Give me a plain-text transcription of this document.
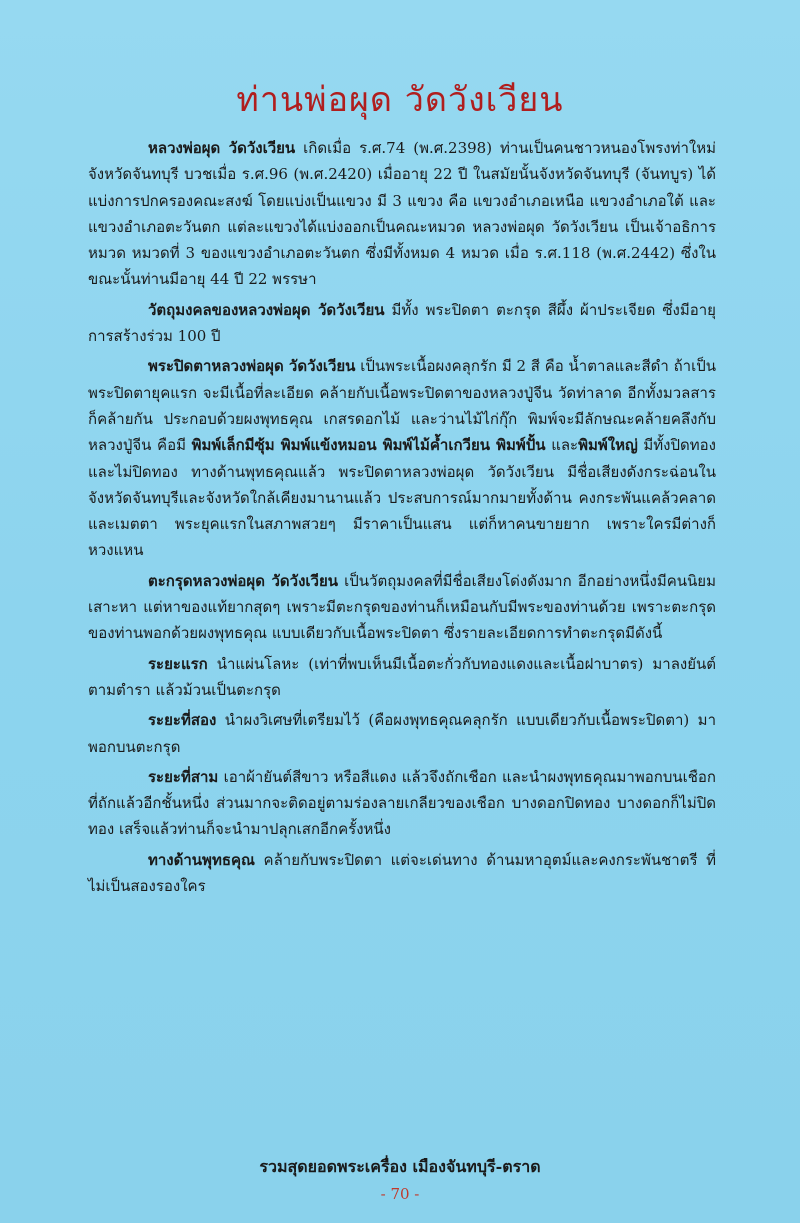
ท่านพ่อผุด วัดวังเวียน

หลวงพ่อผุด วัดวังเวียน เกิดเมื่อ ร.ศ.74 (พ.ศ.2398) ท่านเป็นคนชาวหนองโพรงท่าใหม่ จังหวัดจันทบุรี บวชเมื่อ ร.ศ.96 (พ.ศ.2420) เมื่ออายุ 22 ปี ในสมัยนั้นจังหวัดจันทบุรี (จันทบูร) ได้แบ่งการปกครองคณะสงฆ์ โดยแบ่งเป็นแขวง มี 3 แขวง คือ แขวงอำเภอเหนือ แขวงอำเภอใต้ และแขวงอำเภอตะวันตก แต่ละแขวงได้แบ่งออกเป็นคณะหมวด หลวงพ่อผุด วัดวังเวียน เป็นเจ้าอธิการหมวด หมวดที่ 3 ของแขวงอำเภอตะวันตก ซึ่งมีทั้งหมด 4 หมวด เมื่อ ร.ศ.118 (พ.ศ.2442) ซึ่งในขณะนั้นท่านมีอายุ 44 ปี 22 พรรษา

วัตถุมงคลของหลวงพ่อผุด วัดวังเวียน มีทั้ง พระปิดตา ตะกรุด สีผึ้ง ผ้าประเจียด ซึ่งมีอายุการสร้างร่วม 100 ปี

พระปิดตาหลวงพ่อผุด วัดวังเวียน เป็นพระเนื้อผงคลุกรัก มี 2 สี คือ น้ำตาลและสีดำ ถ้าเป็นพระปิดตายุคแรก จะมีเนื้อที่ละเอียด คล้ายกับเนื้อพระปิดตาของหลวงปู่จีน วัดท่าลาด อีกทั้งมวลสารก็คล้ายกัน ประกอบด้วยผงพุทธคุณ เกสรดอกไม้ และว่านไม้ไก่กุ๊ก พิมพ์จะมีลักษณะคล้ายคลึงกับหลวงปู่จีน คือมี พิมพ์เล็กมีซุ้ม พิมพ์แข้งหมอน พิมพ์ไม้ค้ำเกวียน พิมพ์ปั้น และพิมพ์ใหญ่ มีทั้งปิดทองและไม่ปิดทอง ทางด้านพุทธคุณแล้ว พระปิดตาหลวงพ่อผุด วัดวังเวียน มีชื่อเสียงดังกระฉ่อนในจังหวัดจันทบุรีและจังหวัดใกล้เคียงมานานแล้ว ประสบการณ์มากมายทั้งด้าน คงกระพันแคล้วคลาด และเมตตา พระยุคแรกในสภาพสวยๆ มีราคาเป็นแสน แต่ก็หาคนขายยาก เพราะใครมีต่างก็หวงแหน

ตะกรุดหลวงพ่อผุด วัดวังเวียน เป็นวัตถุมงคลที่มีชื่อเสียงโด่งดังมาก อีกอย่างหนึ่งมีคนนิยมเสาะหา แต่หาของแท้ยากสุดๆ เพราะมีตะกรุดของท่านก็เหมือนกับมีพระของท่านด้วย เพราะตะกรุดของท่านพอกด้วยผงพุทธคุณ แบบเดียวกับเนื้อพระปิดตา ซึ่งรายละเอียดการทำตะกรุดมีดังนี้

ระยะแรก นำแผ่นโลหะ (เท่าที่พบเห็นมีเนื้อตะกั่วกับทองแดงและเนื้อฝาบาตร) มาลงยันต์ตามตำรา แล้วม้วนเป็นตะกรุด

ระยะที่สอง นำผงวิเศษที่เตรียมไว้ (คือผงพุทธคุณคลุกรัก แบบเดียวกับเนื้อพระปิดตา) มาพอกบนตะกรุด

ระยะที่สาม เอาผ้ายันต์สีขาว หรือสีแดง แล้วจึงถักเชือก และนำผงพุทธคุณมาพอกบนเชือกที่ถักแล้วอีกชั้นหนึ่ง ส่วนมากจะติดอยู่ตามร่องลายเกลียวของเชือก บางดอกปิดทอง บางดอกก็ไม่ปิดทอง เสร็จแล้วท่านก็จะนำมาปลุกเสกอีกครั้งหนึ่ง

ทางด้านพุทธคุณ คล้ายกับพระปิดตา แต่จะเด่นทาง ด้านมหาอุตม์และคงกระพันชาตรี ที่ไม่เป็นสองรองใคร

รวมสุดยอดพระเครื่อง เมืองจันทบุรี-ตราด
- 70 -
